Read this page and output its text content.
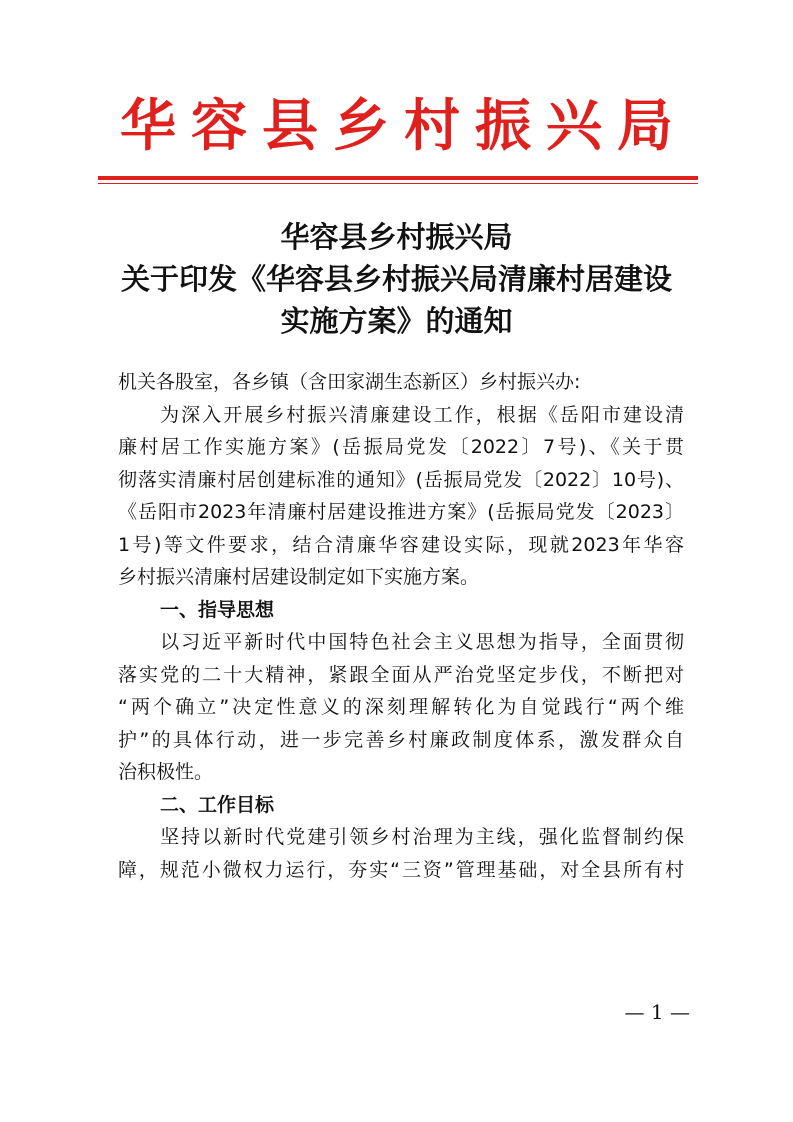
华容县乡村振兴局
华容县乡村振兴局
关于印发《华容县乡村振兴局清廉村居建设
实施方案》的通知
机关各股室，各乡镇（含田家湖生态新区）乡村振兴办:
　　为深入开展乡村振兴清廉建设工作，根据《岳阳市建设清
廉村居工作实施方案》(岳振局党发〔2022〕7号)、《关于贯
彻落实清廉村居创建标准的通知》(岳振局党发〔2022〕10号)、
《岳阳市2023年清廉村居建设推进方案》(岳振局党发〔2023〕
1号)等文件要求，结合清廉华容建设实际，现就2023年华容
乡村振兴清廉村居建设制定如下实施方案。
一、指导思想
　　以习近平新时代中国特色社会主义思想为指导，全面贯彻
落实党的二十大精神，紧跟全面从严治党坚定步伐，不断把对
“两个确立”决定性意义的深刻理解转化为自觉践行“两个维
护”的具体行动，进一步完善乡村廉政制度体系，激发群众自
治积极性。
二、工作目标
　　坚持以新时代党建引领乡村治理为主线，强化监督制约保
障，规范小微权力运行，夯实“三资”管理基础，对全县所有村
— 1 —
